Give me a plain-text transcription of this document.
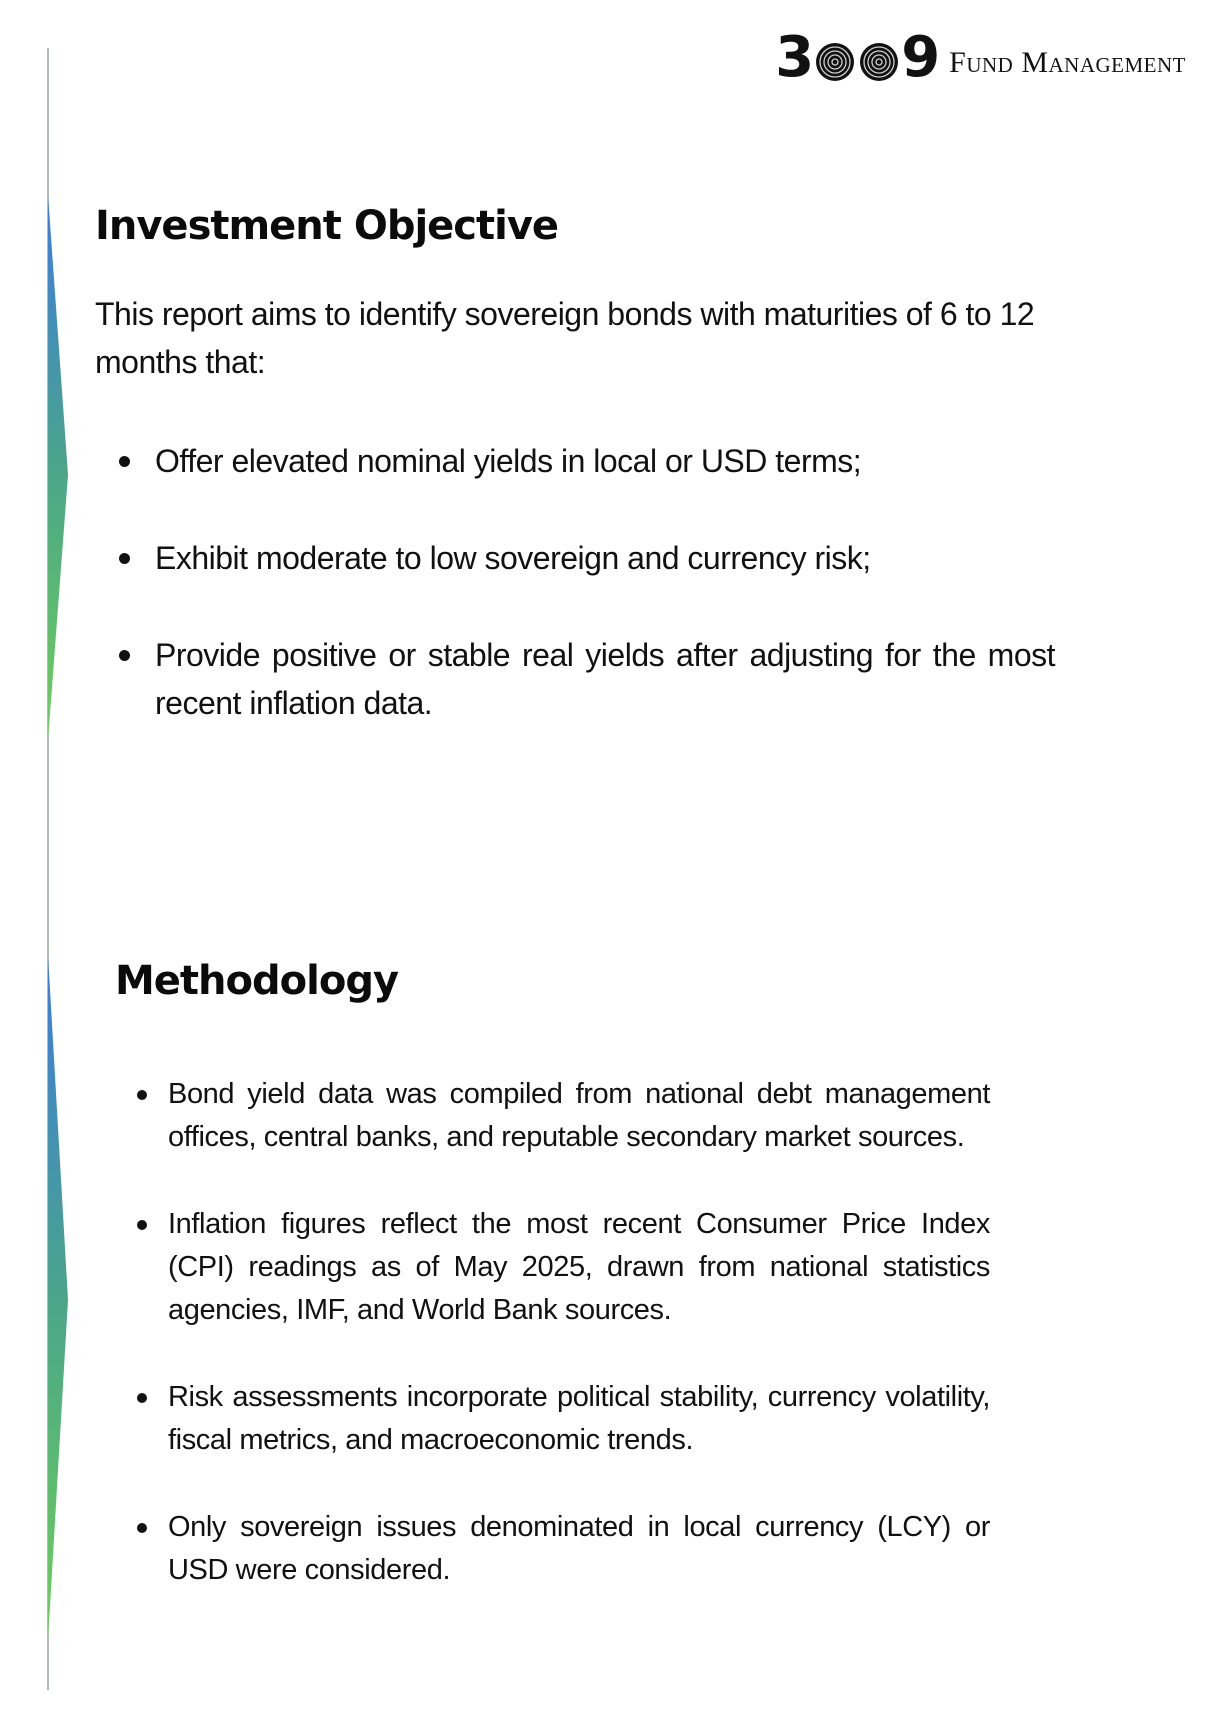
3 9 Fund Management
Investment Objective

This report aims to identify sovereign bonds with maturities of 6 to 12 months that:

Offer elevated nominal yields in local or USD terms;
Exhibit moderate to low sovereign and currency risk;
Provide positive or stable real yields after adjusting for the most recent inflation data.
Methodology
Bond yield data was compiled from national debt management offices, central banks, and reputable secondary market sources.
Inflation figures reflect the most recent Consumer Price Index (CPI) readings as of May 2025, drawn from national statistics agencies, IMF, and World Bank sources.
Risk assessments incorporate political stability, currency volatility, fiscal metrics, and macroeconomic trends.
Only sovereign issues denominated in local currency (LCY) or USD were considered.
